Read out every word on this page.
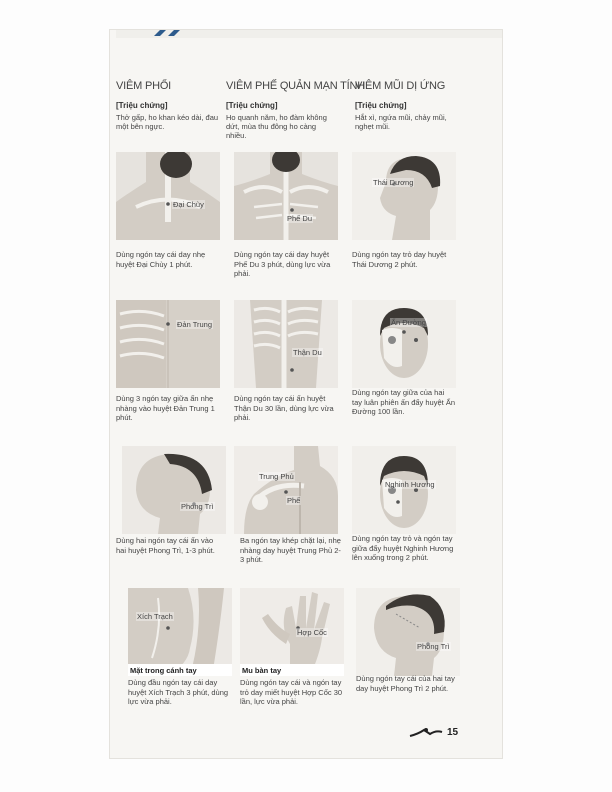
VIÊM PHỔI	VIÊM PHẾ QUẢN MẠN TÍNH
VIÊM MŨI DỊ ỨNG
[Triệu chứng]	[Triệu chứng]	[Triệu chứng]
Thở gấp, ho khan kéo dài, đau một bên ngực.
Ho quanh năm, ho đàm không dứt, mùa thu đông ho càng nhiều.
Hắt xì, ngứa mũi, chảy mũi, nghẹt mũi.
Đại Chùy
Dùng ngón tay cái day nhẹ huyệt Đại Chùy 1 phút.
Phế Du
Dùng ngón tay cái day huyệt Phế Du 3 phút, dùng lực vừa phải.
Thái Dương
Dùng ngón tay trỏ day huyệt Thái Dương 2 phút.
Đản Trung
Dùng 3 ngón tay giữa ấn nhẹ nhàng vào huyệt Đản Trung 1 phút.
Thận Du
Dùng ngón tay cái ấn huyệt Thận Du 30 lần, dùng lực vừa phải.
Ấn Đường
Dùng ngón tay giữa của hai tay luân phiên ấn đẩy huyệt Ấn Đường 100 lần.
Phong Trì
Dùng hai ngón tay cái ấn vào hai huyệt Phong Trì, 1-3 phút.
Trung Phủ
Phế
Ba ngón tay khép chặt lại, nhẹ nhàng day huyệt Trung Phủ 2-3 phút.
Nghinh Hương
Dùng ngón tay trỏ và ngón tay giữa đẩy huyệt Nghinh Hương lên xuống trong 2 phút.
Xích Trạch
Mặt trong cánh tay
Dùng đầu ngón tay cái day huyệt Xích Trạch 3 phút, dùng lực vừa phải.
Hợp Cốc
Mu bàn tay
Dùng ngón tay cái và ngón tay trỏ day miết huyệt Hợp Cốc 30 lần, lực vừa phải.
Phong Trì
Dùng ngón tay cái của hai tay day huyệt Phong Trì 2 phút.
15
